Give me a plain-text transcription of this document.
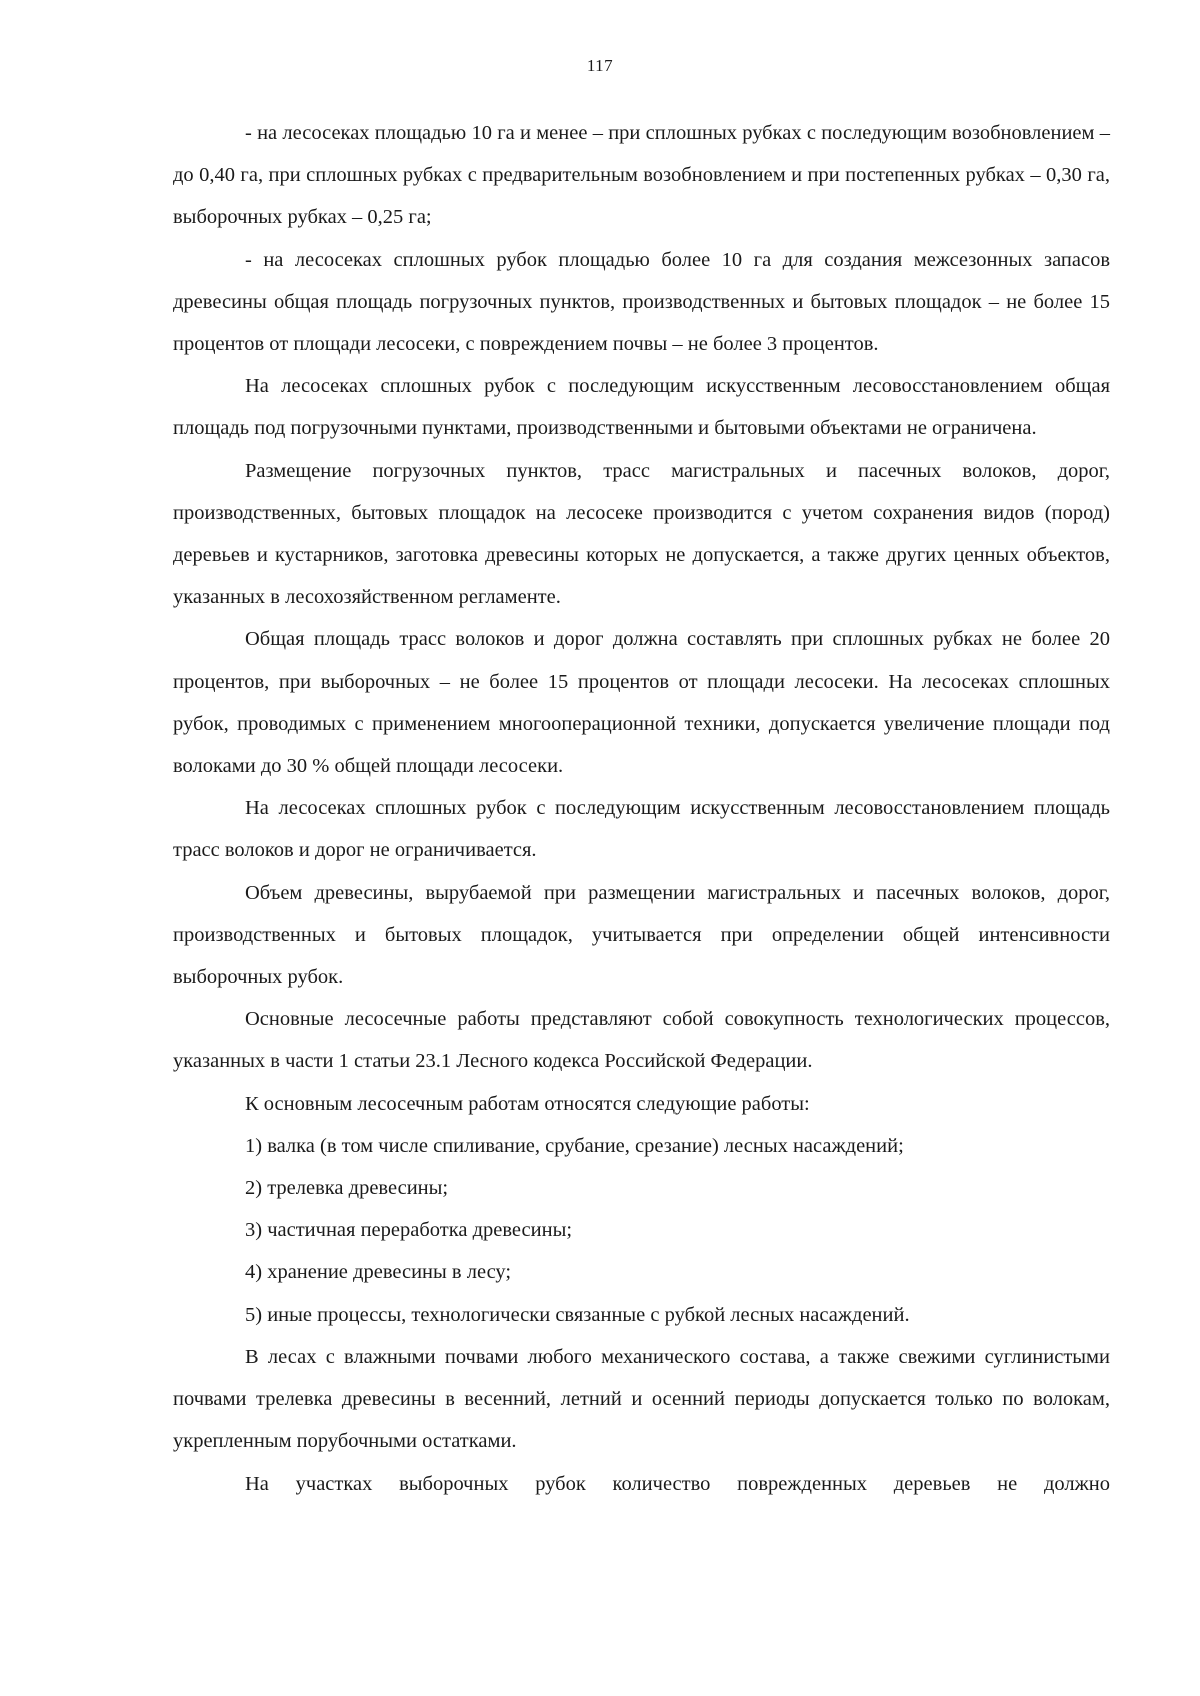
117

- на лесосеках площадью 10 га и менее – при сплошных рубках с последующим возобновлением – до 0,40 га, при сплошных рубках с предварительным возобновлением и при постепенных рубках – 0,30 га, выборочных рубках – 0,25 га;

- на лесосеках сплошных рубок площадью более 10 га для создания межсезонных запасов древесины общая площадь погрузочных пунктов, производственных и бытовых площадок – не более 15 процентов от площади лесосеки, с повреждением почвы – не более 3 процентов.

На лесосеках сплошных рубок с последующим искусственным лесовосстановлением общая площадь под погрузочными пунктами, производственными и бытовыми объектами не ограничена.

Размещение погрузочных пунктов, трасс магистральных и пасечных волоков, дорог, производственных, бытовых площадок на лесосеке производится с учетом сохранения видов (пород) деревьев и кустарников, заготовка древесины которых не допускается, а также других ценных объектов, указанных в лесохозяйственном регламенте.

Общая площадь трасс волоков и дорог должна составлять при сплошных рубках не более 20 процентов, при выборочных – не более 15 процентов от площади лесосеки. На лесосеках сплошных рубок, проводимых с применением многооперационной техники, допускается увеличение площади под волоками до 30 % общей площади лесосеки.

На лесосеках сплошных рубок с последующим искусственным лесовосстановлением площадь трасс волоков и дорог не ограничивается.

Объем древесины, вырубаемой при размещении магистральных и пасечных волоков, дорог, производственных и бытовых площадок, учитывается при определении общей интенсивности выборочных рубок.

Основные лесосечные работы представляют собой совокупность технологических процессов, указанных в части 1 статьи 23.1 Лесного кодекса Российской Федерации.

К основным лесосечным работам относятся следующие работы:

1) валка (в том числе спиливание, срубание, срезание) лесных насаждений;

2) трелевка древесины;

3) частичная переработка древесины;

4) хранение древесины в лесу;

5) иные процессы, технологически связанные с рубкой лесных насаждений.

В лесах с влажными почвами любого механического состава, а также свежими суглинистыми почвами трелевка древесины в весенний, летний и осенний периоды допускается только по волокам, укрепленным порубочными остатками.

На участках выборочных рубок количество поврежденных деревьев не должно
